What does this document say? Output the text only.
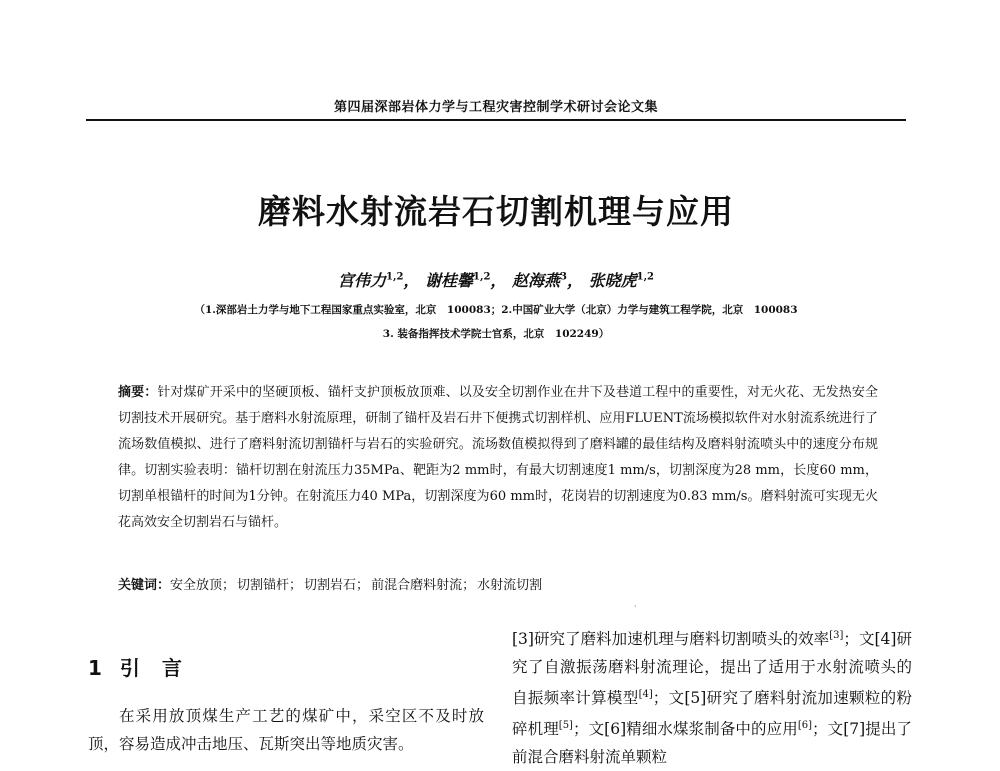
第四届深部岩体力学与工程灾害控制学术研讨会论文集
磨料水射流岩石切割机理与应用
宫伟力$^{1,2}$， 谢桂馨$^{1,2}$， 赵海燕$^3$， 张晓虎$^{1,2}$
（1.深部岩土力学与地下工程国家重点实验室，北京　100083；2.中国矿业大学（北京）力学与建筑工程学院，北京　100083
3. 装备指挥技术学院士官系，北京　102249）
摘要：针对煤矿开采中的坚硬顶板、锚杆支护顶板放顶难、以及安全切割作业在井下及巷道工程中的重要性，对无火花、无发热安全切割技术开展研究。基于磨料水射流原理，研制了锚杆及岩石井下便携式切割样机、应用FLUENT流场模拟软件对水射流系统进行了流场数值模拟、进行了磨料射流切割锚杆与岩石的实验研究。流场数值模拟得到了磨料罐的最佳结构及磨料射流喷头中的速度分布规律。切割实验表明：锚杆切割在射流压力35MPa、靶距为2 mm时，有最大切割速度1 mm/s，切割深度为28 mm，长度60 mm，切割单根锚杆的时间为1分钟。在射流压力40 MPa，切割深度为60 mm时，花岗岩的切割速度为0.83 mm/s。磨料射流可实现无火花高效安全切割岩石与锚杆。
关键词：安全放顶； 切割锚杆； 切割岩石； 前混合磨料射流； 水射流切割
·
1 引言
在采用放顶煤生产工艺的煤矿中，采空区不及时放顶，容易造成冲击地压、瓦斯突出等地质灾害。
[3]研究了磨料加速机理与磨料切割喷头的效率[3]；文[4]研究了自激振荡磨料射流理论，提出了适用于水射流喷头的自振频率计算模型[4]；文[5]研究了磨料射流加速颗粒的粉碎机理[5]；文[6]精细水煤浆制备中的应用[6]；文[7]提出了前混合磨料射流单颗粒
